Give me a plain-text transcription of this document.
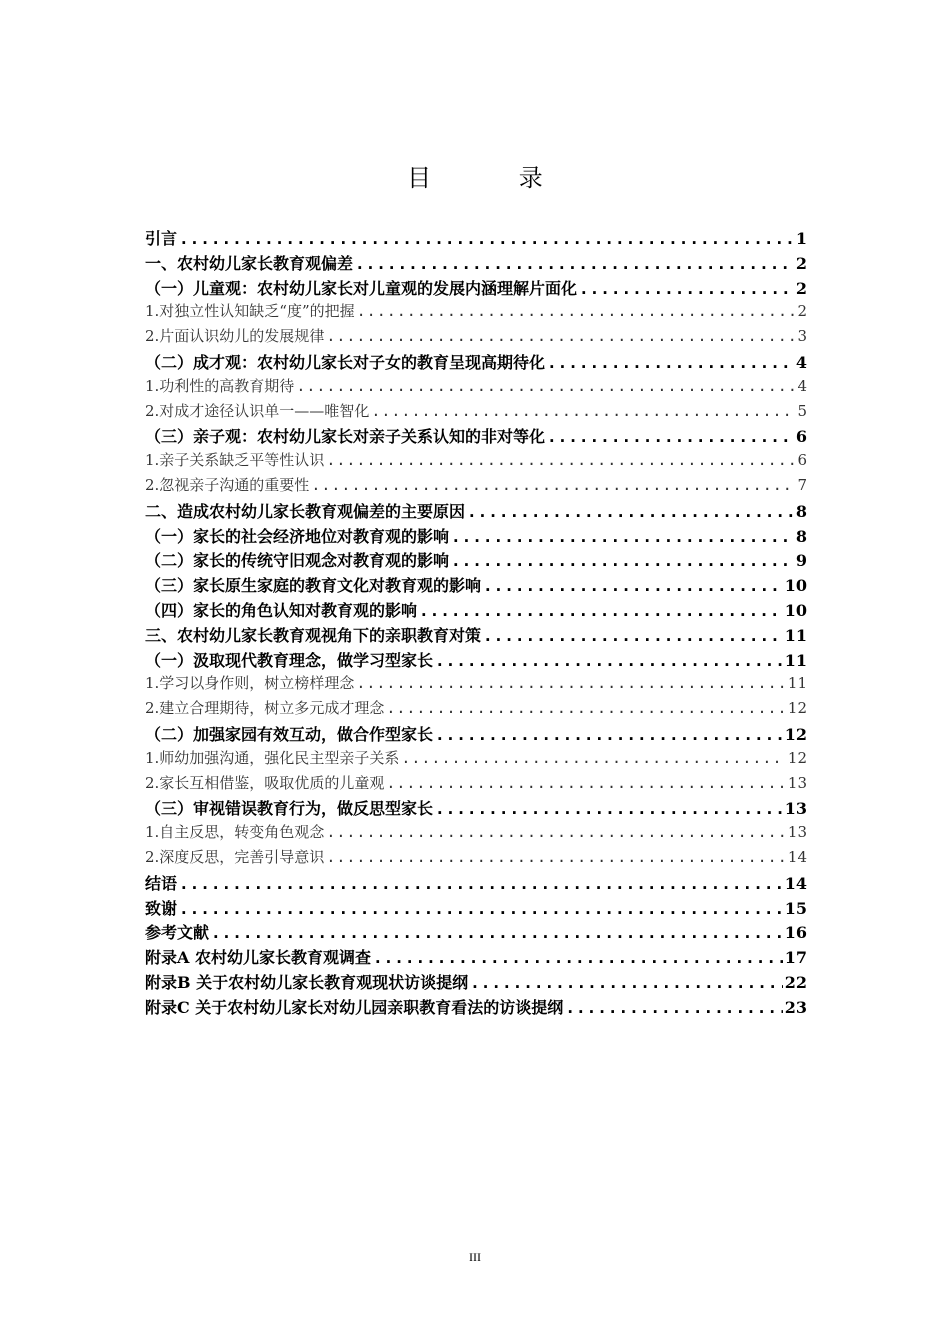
目 录
引言 .....	1
一、农村幼儿家长教育观偏差 .....	2
（一）儿童观：农村幼儿家长对儿童观的发展内涵理解片面化 .....	2
1.对独立性认知缺乏“度”的把握 .....	2
2.片面认识幼儿的发展规律 .....	3
（二）成才观：农村幼儿家长对子女的教育呈现高期待化 .....	4
1.功利性的高教育期待 .....	4
2.对成才途径认识单一——唯智化 .....	5
（三）亲子观：农村幼儿家长对亲子关系认知的非对等化 .....	6
1.亲子关系缺乏平等性认识 .....	6
2.忽视亲子沟通的重要性 .....	7
二、造成农村幼儿家长教育观偏差的主要原因 .....	8
（一）家长的社会经济地位对教育观的影响 .....	8
（二）家长的传统守旧观念对教育观的影响 .....	9
（三）家长原生家庭的教育文化对教育观的影响 .....	10
（四）家长的角色认知对教育观的影响 .....	10
三、农村幼儿家长教育观视角下的亲职教育对策 .....	11
（一）汲取现代教育理念，做学习型家长 .....	11
1.学习以身作则，树立榜样理念 .....	11
2.建立合理期待，树立多元成才理念 .....	12
（二）加强家园有效互动，做合作型家长 .....	12
1.师幼加强沟通，强化民主型亲子关系 .....	12
2.家长互相借鉴，吸取优质的儿童观 .....	13
（三）审视错误教育行为，做反思型家长 .....	13
1.自主反思，转变角色观念 .....	13
2.深度反思，完善引导意识 .....	14
结语 .....	14
致谢 .....	15
参考文献 .....	16
附录A 农村幼儿家长教育观调查 .....	17
附录B 关于农村幼儿家长教育观现状访谈提纲 .....	22
附录C 关于农村幼儿家长对幼儿园亲职教育看法的访谈提纲 .....	23
III
